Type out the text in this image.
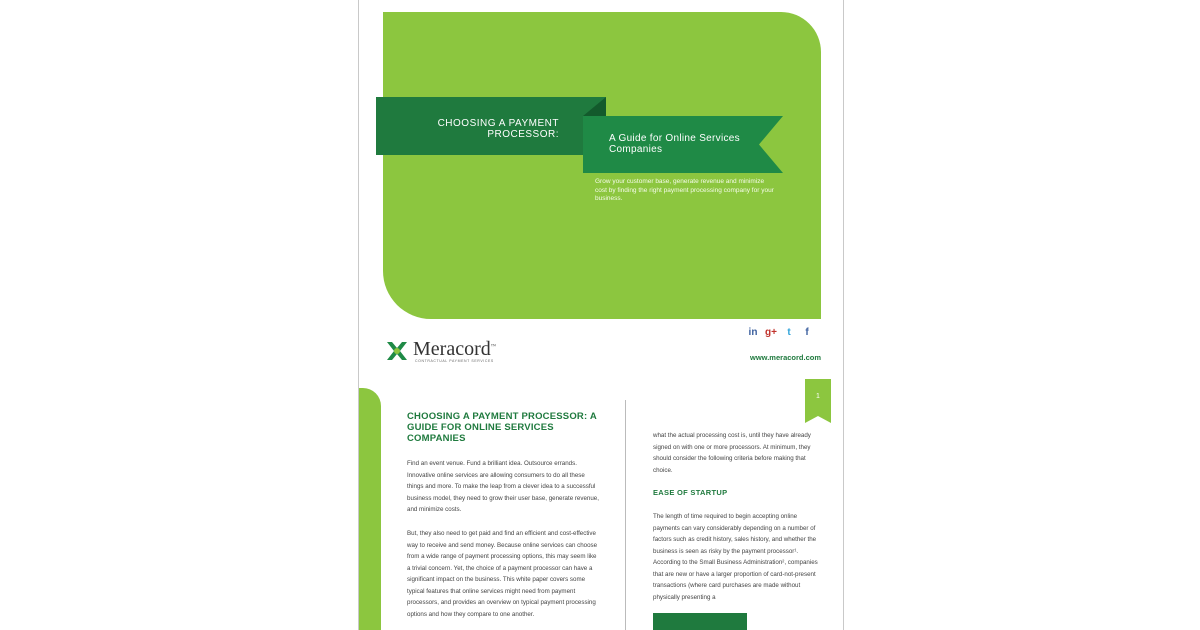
CHOOSING A PAYMENT PROCESSOR:	A Guide for Online Services Companies
Grow your customer base, generate revenue and minimize cost by finding the right payment processing company for your business.
Meracord™
CONTRACTUAL PAYMENT SERVICES
in g+	t	f
www.meracord.com
1
CHOOSING A PAYMENT PROCESSOR: A GUIDE FOR ONLINE SERVICES COMPANIES

Find an event venue. Fund a brilliant idea. Outsource errands. Innovative online services are allowing consumers to do all these things and more. To make the leap from a clever idea to a successful business model, they need to grow their user base, generate revenue, and minimize costs.

But, they also need to get paid and find an efficient and cost-effective way to receive and send money. Because online services can choose from a wide range of payment processing options, this may seem like a trivial concern. Yet, the choice of a payment processor can have a significant impact on the business. This white paper covers some typical features that online services might need from payment processors, and provides an overview on typical payment processing options and how they compare to one another.

what the actual processing cost is, until they have already signed on with one or more processors. At minimum, they should consider the following criteria before making that choice.

EASE OF STARTUP

The length of time required to begin accepting online payments can vary considerably depending on a number of factors such as credit history, sales history, and whether the business is seen as risky by the payment processor¹. According to the Small Business Administration², companies that are new or have a larger proportion of card-not-present transactions (where card purchases are made without physically presenting a
